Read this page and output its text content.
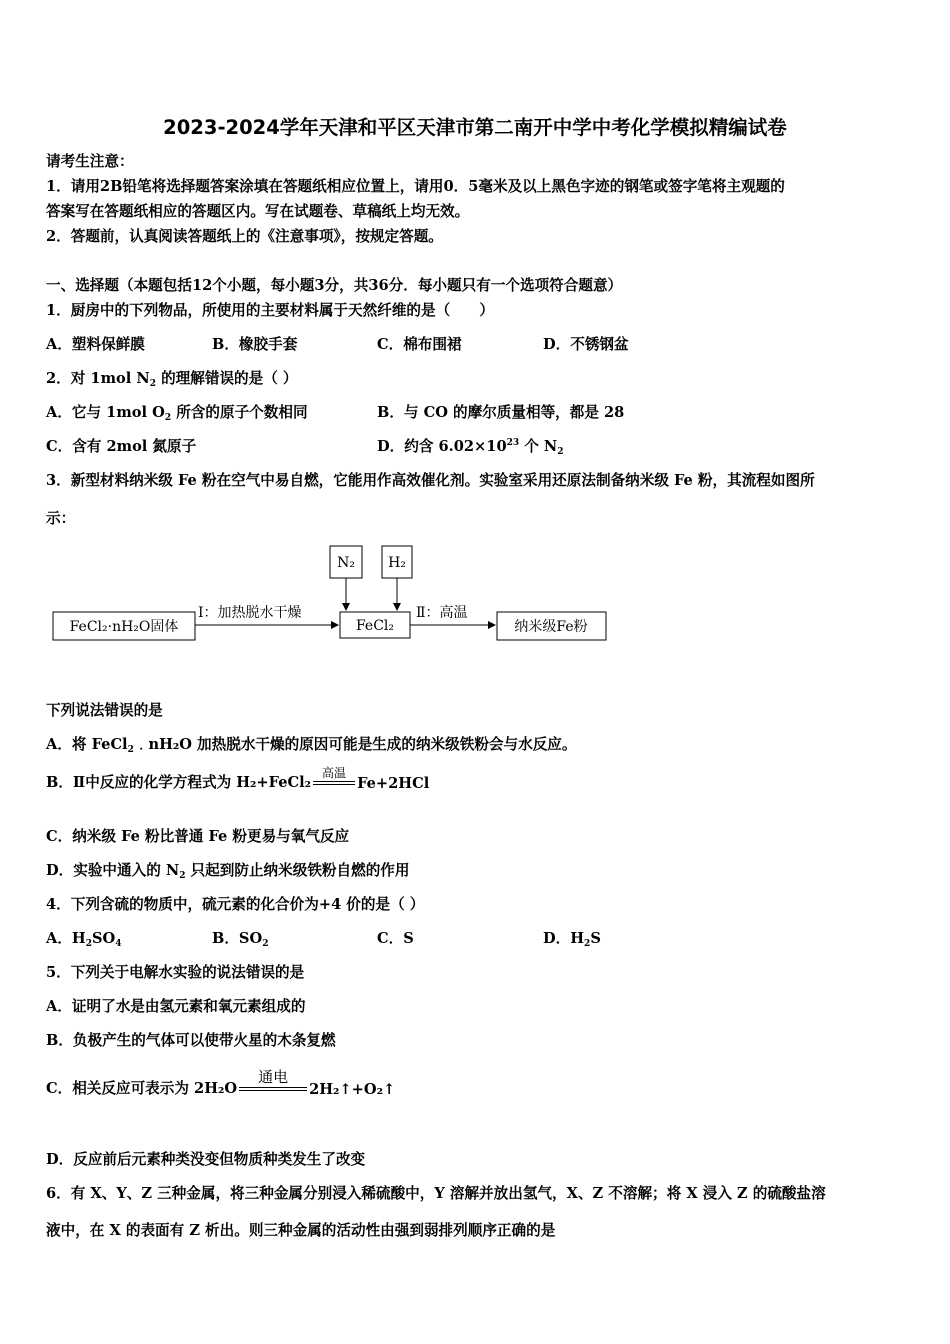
2023-2024学年天津和平区天津市第二南开中学中考化学模拟精编试卷
请考生注意：
1．请用2B铅笔将选择题答案涂填在答题纸相应位置上，请用0．5毫米及以上黑色字迹的钢笔或签字笔将主观题的
答案写在答题纸相应的答题区内。写在试题卷、草稿纸上均无效。
2．答题前，认真阅读答题纸上的《注意事项》，按规定答题。
一、选择题（本题包括12个小题，每小题3分，共36分．每小题只有一个选项符合题意）
1．厨房中的下列物品，所使用的主要材料属于天然纤维的是（　　）
A．塑料保鲜膜	B．橡胶手套	C．棉布围裙	D．不锈钢盆
2．对 1mol $N_2$ 的理解错误的是（ ）
A．它与 1mol $O_2$ 所含的原子个数相同	B．与 CO 的摩尔质量相等，都是 28
C．含有 2mol 氮原子	D．约含 $6.02\times 10^{23}$ 个 $N_2$
3．新型材料纳米级 Fe 粉在空气中易自燃，它能用作高效催化剂。实验室采用还原法制备纳米级 Fe 粉，其流程如图所
示：
FeCl₂·nH₂O固体
Ⅰ：加热脱水干燥
FeCl₂
N₂ H₂
Ⅱ：高温
纳米级Fe粉
下列说法错误的是
A．将 FeCl$_2$﹒nH₂O 加热脱水干燥的原因可能是生成的纳米级铁粉会与水反应。
B．Ⅱ中反应的化学方程式为 H₂+FeCl₂
高温
Fe+2HCl
C．纳米级 Fe 粉比普通 Fe 粉更易与氧气反应
D．实验中通入的 $N_2$ 只起到防止纳米级铁粉自燃的作用
4．下列含硫的物质中，硫元素的化合价为+4 价的是（ ）
A．$H_2SO_4$	B．$SO_2$	C．S	D．$H_2S$
5．下列关于电解水实验的说法错误的是
A．证明了水是由氢元素和氧元素组成的
B．负极产生的气体可以使带火星的木条复燃
C．相关反应可表示为 2H₂O
通电
2H₂↑+O₂↑
D．反应前后元素种类没变但物质种类发生了改变
6．有 X、Y、Z 三种金属，将三种金属分别浸入稀硫酸中，Y 溶解并放出氢气，X、Z 不溶解；将 X 浸入 Z 的硫酸盐溶
液中，在 X 的表面有 Z 析出。则三种金属的活动性由强到弱排列顺序正确的是
